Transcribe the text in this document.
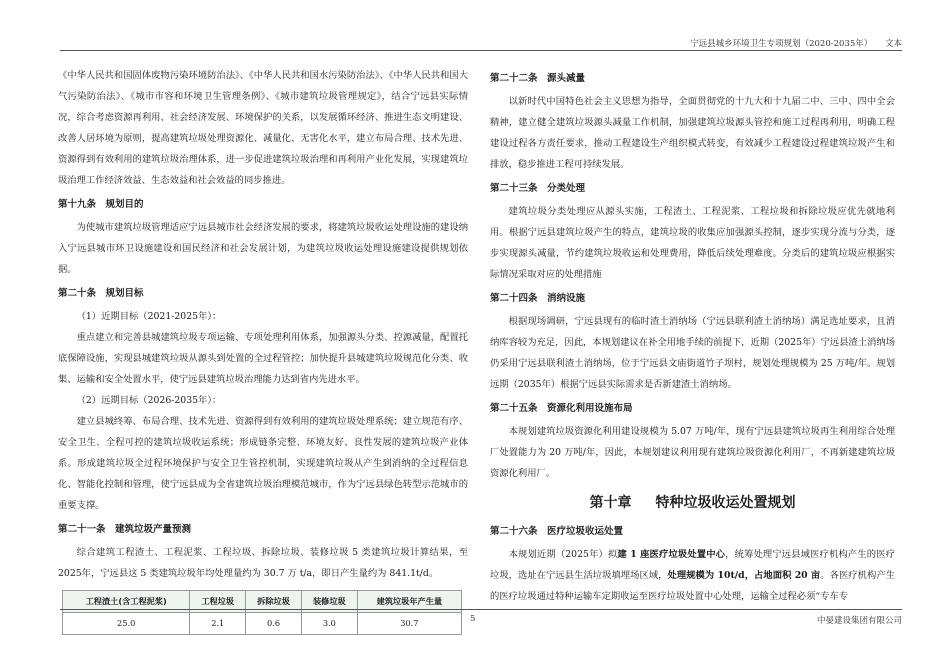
宁远县城乡环境卫生专项规划（2020-2035年）　　文本

《中华人民共和国固体废物污染环境防治法》、《中华人民共和国水污染防治法》、《中华人民共和国大气污染防治法》、《城市市容和环境卫生管理条例》、《城市建筑垃圾管理规定》，结合宁远县实际情况，综合考虑资源再利用、社会经济发展、环境保护的关系，以发展循环经济、推进生态文明建设、改善人居环境为原则，提高建筑垃圾处理资源化、减量化、无害化水平，建立布局合理、技术先进、资源得到有效利用的建筑垃圾治理体系，进一步促进建筑垃圾治理和再利用产业化发展，实现建筑垃圾治理工作经济效益、生态效益和社会效益的同步推进。

第十九条　规划目的

为使城市建筑垃圾管理适应宁远县城市社会经济发展的要求，将建筑垃圾收运处理设施的建设纳入宁远县城市环卫设施建设和国民经济和社会发展计划，为建筑垃圾收运处理设施建设提供规划依据。

第二十条　规划目标

（1）近期目标（2021-2025年）：

重点建立和完善县城建筑垃圾专项运输、专项处理利用体系，加强源头分类、控源减量，配置托底保障设施，实现县城建筑垃圾从源头到处置的全过程管控；加快提升县城建筑垃圾规范化分类、收集、运输和安全处置水平，使宁远县建筑垃圾治理能力达到省内先进水平。

（2）远期目标（2026-2035年）：

建立县城终筹、布局合理、技术先进、资源得到有效利用的建筑垃圾处理系统；建立规范有序、安全卫生、全程可控的建筑垃圾收运系统；形成链条完整、环境友好、良性发展的建筑垃圾产业体系。形成建筑垃圾全过程环境保护与安全卫生管控机制，实现建筑垃圾从产生到消纳的全过程信息化、智能化控制和管理，使宁远县成为全省建筑垃圾治理模范城市，作为宁远县绿色转型示范城市的重要支撑。

第二十一条　建筑垃圾产量预测

综合建筑工程渣土、工程泥浆、工程垃圾、拆除垃圾、装修垃圾 5 类建筑垃圾计算结果，至 2025年，宁远县这 5 类建筑垃圾年均处理量约为 30.7 万 t/a，即日产生量约为 841.1t/d。

工程渣土(含工程泥浆)	工程垃圾	拆除垃圾	装修垃圾	建筑垃圾年产生量
25.0	2.1	0.6	3.0	30.7
第二十二条　源头减量

以新时代中国特色社会主义思想为指导，全面贯彻党的十九大和十九届二中、三中、四中全会精神，建立健全建筑垃圾源头减量工作机制，加强建筑垃圾源头管控和施工过程再利用，明确工程建设过程各方责任要求，推动工程建设生产组织模式转变，有效减少工程建设过程建筑垃圾产生和排放，稳步推进工程可持续发展。

第二十三条　分类处理

建筑垃圾分类处理应从源头实施，工程渣土、工程泥浆、工程垃圾和拆除垃圾应优先就地利用。根据宁远县建筑垃圾产生的特点，建筑垃圾的收集应加强源头控制，逐步实现分流与分类，逐步实现源头减量，节约建筑垃圾收运和处理费用，降低后续处理难度。分类后的建筑垃圾应根据实际情况采取对应的处理措施

第二十四条　消纳设施

根据现场调研，宁远县现有的临时渣土消纳场（宁远县联利渣土消纳场）满足选址要求，且消纳库容较为充足，因此，本规划建议在补全用地手续的前提下，近期（2025年）宁远县渣土消纳场仍采用宁远县联利渣土消纳场，位于宁远县文庙街道竹子坝村，规划处理规模为 25 万吨/年。规划远期（2035年）根据宁远县实际需求是否新建渣土消纳场。

第二十五条　资源化利用设施布局

本规划建筑垃圾资源化利用建设规模为 5.07 万吨/年，现有宁远县建筑垃圾再生利用综合处理厂处置能力为 20 万吨/年，因此，本规划建议利用现有建筑垃圾资源化利用厂，不再新建建筑垃圾资源化利用厂。

第十章 特种垃圾收运处置规划
第二十六条　医疗垃圾收运处置

本规划近期（2025年）拟建 1 座医疗垃圾处置中心，统筹处理宁远县域医疗机构产生的医疗垃圾，选址在宁远县生活垃圾填埋场区域，处理规模为 10t/d，占地面积 20 亩。各医疗机构产生的医疗垃圾通过特种运输车定期收运至医疗垃圾处置中心处理，运输全过程必须“专车专

5	中晏建设集团有限公司
